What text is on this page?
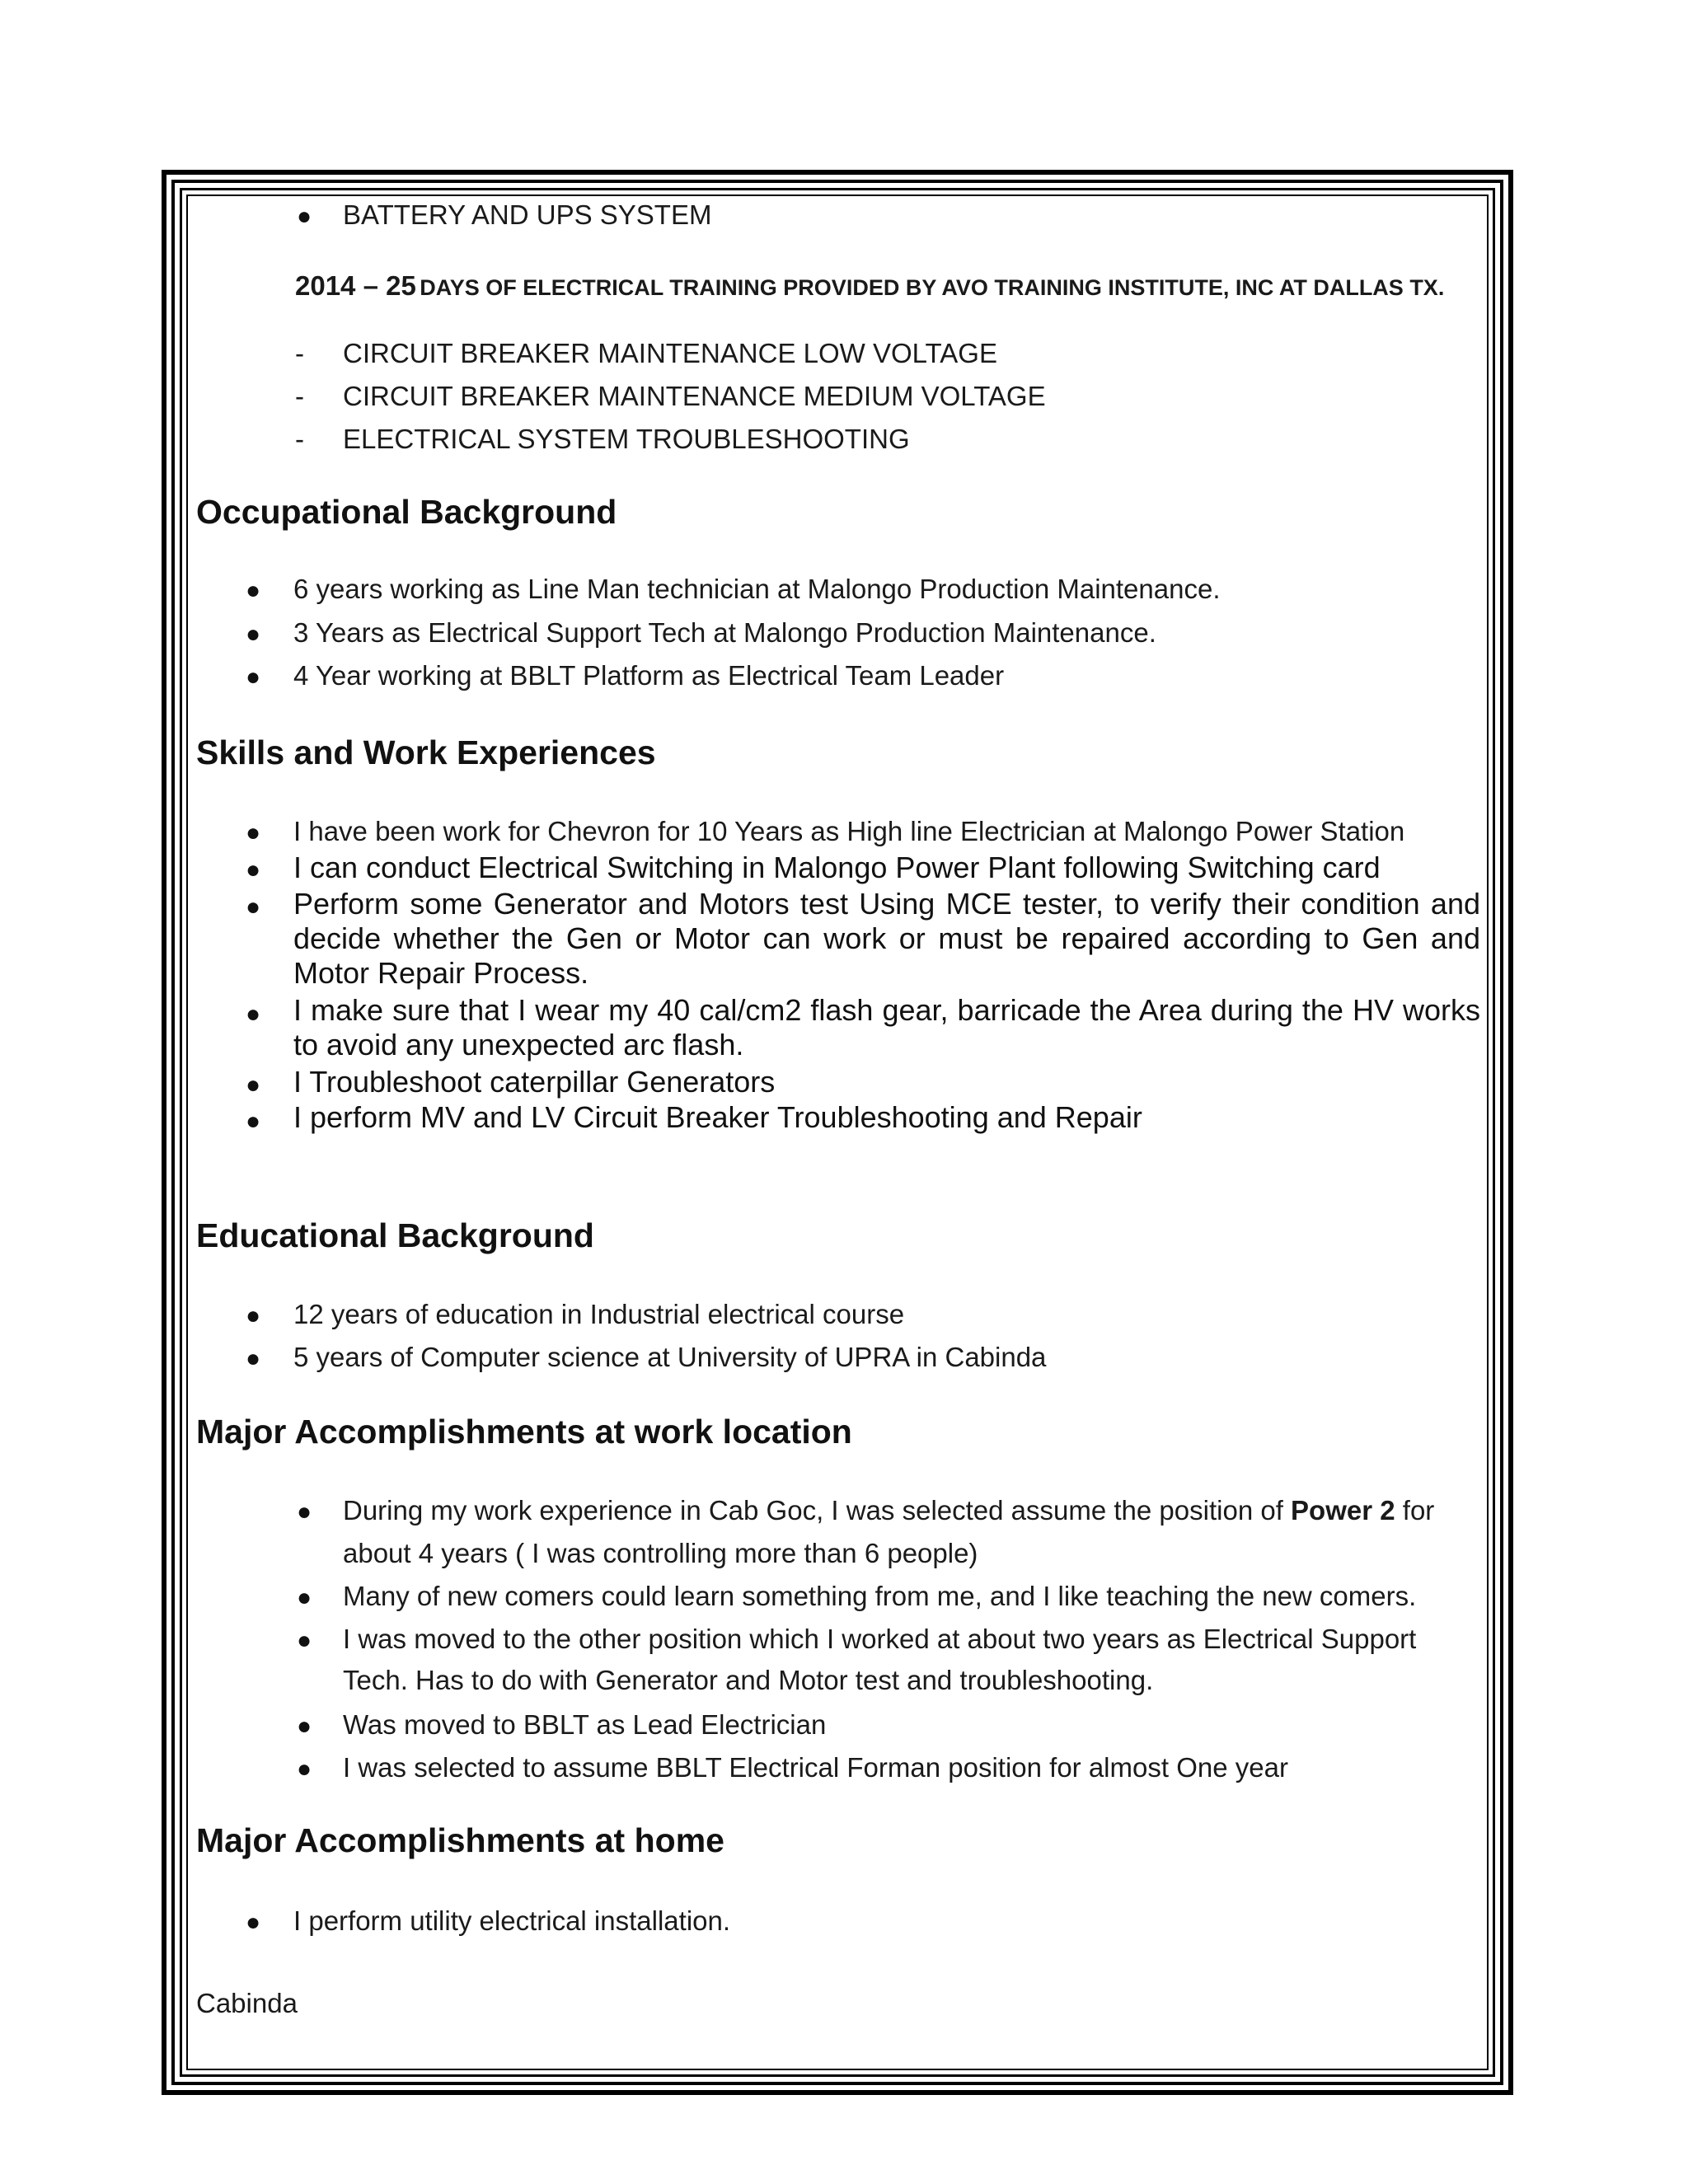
● BATTERY AND UPS SYSTEM
2014 – 25 DAYS OF ELECTRICAL TRAINING PROVIDED BY AVO TRAINING INSTITUTE, INC AT DALLAS TX.
- CIRCUIT BREAKER MAINTENANCE LOW VOLTAGE
- CIRCUIT BREAKER MAINTENANCE MEDIUM VOLTAGE
- ELECTRICAL SYSTEM TROUBLESHOOTING
Occupational Background
● 6 years working as Line Man technician at Malongo Production Maintenance.
● 3 Years as Electrical Support Tech at Malongo Production Maintenance.
● 4 Year working at BBLT Platform as Electrical Team Leader
Skills and Work Experiences
● I have been work for Chevron for 10 Years as High line Electrician at Malongo Power Station
● I can conduct Electrical Switching in Malongo Power Plant following Switching card
● Perform some Generator and Motors test Using MCE tester, to verify their condition and decide whether the Gen or Motor can work or must be repaired according to Gen and Motor Repair Process.
● I make sure that I wear my 40 cal/cm2 flash gear, barricade the Area during the HV works to avoid any unexpected arc flash.
● I Troubleshoot caterpillar Generators
● I perform MV and LV Circuit Breaker Troubleshooting and Repair
Educational Background
● 12 years of education in Industrial electrical course
● 5 years of Computer science at University of UPRA in Cabinda
Major Accomplishments at work location
● During my work experience in Cab Goc, I was selected assume the position of Power 2 for
about 4 years ( I was controlling more than 6 people)
● Many of new comers could learn something from me, and I like teaching the new comers.
● I was moved to the other position which I worked at about two years as Electrical Support
Tech. Has to do with Generator and Motor test and troubleshooting.
● Was moved to BBLT as Lead Electrician
● I was selected to assume BBLT Electrical Forman position for almost One year
Major Accomplishments at home
● I perform utility electrical installation.
Cabinda
